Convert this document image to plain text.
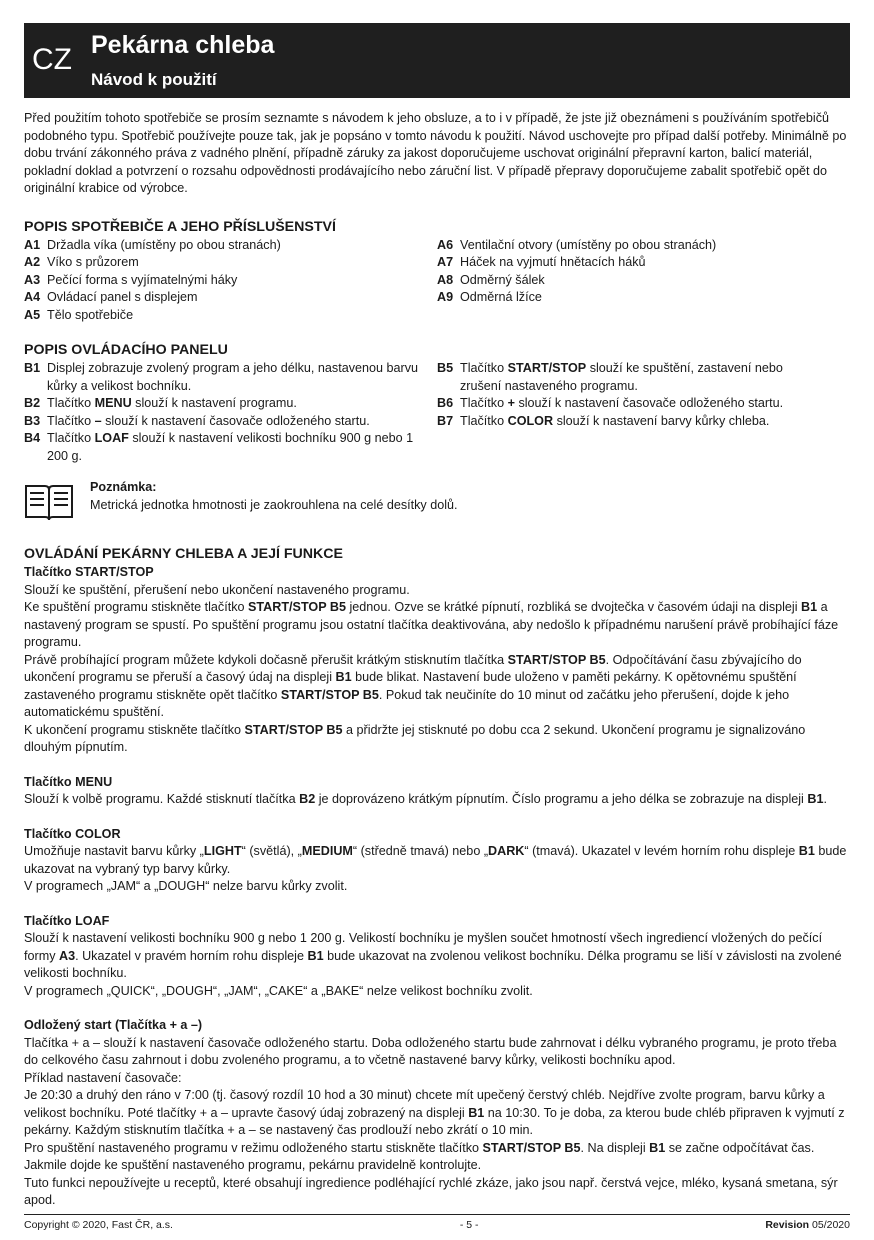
CZ Pekárna chleba
Návod k použití

Před použitím tohoto spotřebiče se prosím seznamte s návodem k jeho obsluze, a to i v případě, že jste již obeznámeni s používáním spotřebičů podobného typu. Spotřebič používejte pouze tak, jak je popsáno v tomto návodu k použití. Návod uschovejte pro případ další potřeby. Minimálně po dobu trvání zákonného práva z vadného plnění, případně záruky za jakost doporučujeme uschovat originální přepravní karton, balicí materiál, pokladní doklad a potvrzení o rozsahu odpovědnosti prodávajícího nebo záruční list. V případě přepravy doporučujeme zabalit spotřebič opět do originální krabice od výrobce.

POPIS SPOTŘEBIČE A JEHO PŘÍSLUŠENSTVÍ
A1 Držadla víka (umístěny po obou stranách)
A2 Víko s průzorem
A3 Pečící forma s vyjímatelnými háky
A4 Ovládací panel s displejem
A5 Tělo spotřebiče
A6 Ventilační otvory (umístěny po obou stranách)
A7 Háček na vyjmutí hnětacích háků
A8 Odměrný šálek
A9 Odměrná lžíce
POPIS OVLÁDACÍHO PANELU
B1 Displej zobrazuje zvolený program a jeho délku, nastavenou barvu kůrky a velikost bochníku.
B2 Tlačítko MENU slouží k nastavení programu.
B3 Tlačítko – slouží k nastavení časovače odloženého startu.
B4 Tlačítko LOAF slouží k nastavení velikosti bochníku 900 g nebo 1 200 g.
B5 Tlačítko START/STOP slouží ke spuštění, zastavení nebo zrušení nastaveného programu.
B6 Tlačítko + slouží k nastavení časovače odloženého startu.
B7 Tlačítko COLOR slouží k nastavení barvy kůrky chleba.
Poznámka:
Metrická jednotka hmotnosti je zaokrouhlena na celé desítky dolů.
OVLÁDÁNÍ PEKÁRNY CHLEBA A JEJÍ FUNKCE
Tlačítko START/STOP

Slouží ke spuštění, přerušení nebo ukončení nastaveného programu.

Ke spuštění programu stiskněte tlačítko START/STOP B5 jednou. Ozve se krátké pípnutí, rozbliká se dvojtečka v časovém údaji na displeji B1 a nastavený program se spustí. Po spuštění programu jsou ostatní tlačítka deaktivována, aby nedošlo k případnému narušení právě probíhající fáze programu.

Právě probíhající program můžete kdykoli dočasně přerušit krátkým stisknutím tlačítka START/STOP B5. Odpočítávání času zbývajícího do ukončení programu se přeruší a časový údaj na displeji B1 bude blikat. Nastavení bude uloženo v paměti pekárny. K opětovnému spuštění zastaveného programu stiskněte opět tlačítko START/STOP B5. Pokud tak neučiníte do 10 minut od začátku jeho přerušení, dojde k jeho automatickému spuštění.

K ukončení programu stiskněte tlačítko START/STOP B5 a přidržte jej stisknuté po dobu cca 2 sekund. Ukončení programu je signalizováno dlouhým pípnutím.

Tlačítko MENU

Slouží k volbě programu. Každé stisknutí tlačítka B2 je doprovázeno krátkým pípnutím. Číslo programu a jeho délka se zobrazuje na displeji B1.

Tlačítko COLOR

Umožňuje nastavit barvu kůrky „LIGHT“ (světlá), „MEDIUM“ (středně tmavá) nebo „DARK“ (tmavá). Ukazatel v levém horním rohu displeje B1 bude ukazovat na vybraný typ barvy kůrky.

V programech „JAM“ a „DOUGH“ nelze barvu kůrky zvolit.

Tlačítko LOAF

Slouží k nastavení velikosti bochníku 900 g nebo 1 200 g. Velikostí bochníku je myšlen součet hmotností všech ingrediencí vložených do pečící formy A3. Ukazatel v pravém horním rohu displeje B1 bude ukazovat na zvolenou velikost bochníku. Délka programu se liší v závislosti na zvolené velikosti bochníku.

V programech „QUICK“, „DOUGH“, „JAM“, „CAKE“ a „BAKE“ nelze velikost bochníku zvolit.

Odložený start (Tlačítka + a –)

Tlačítka + a – slouží k nastavení časovače odloženého startu. Doba odloženého startu bude zahrnovat i délku vybraného programu, je proto třeba do celkového času zahrnout i dobu zvoleného programu, a to včetně nastavené barvy kůrky, velikosti bochníku apod.

Příklad nastavení časovače:

Je 20:30 a druhý den ráno v 7:00 (tj. časový rozdíl 10 hod a 30 minut) chcete mít upečený čerstvý chléb. Nejdříve zvolte program, barvu kůrky a velikost bochníku. Poté tlačítky + a – upravte časový údaj zobrazený na displeji B1 na 10:30. To je doba, za kterou bude chléb připraven k vyjmutí z pekárny. Každým stisknutím tlačítka + a – se nastavený čas prodlouží nebo zkrátí o 10 min.

Pro spuštění nastaveného programu v režimu odloženého startu stiskněte tlačítko START/STOP B5. Na displeji B1 se začne odpočítávat čas. Jakmile dojde ke spuštění nastaveného programu, pekárnu pravidelně kontrolujte.

Tuto funkci nepoužívejte u receptů, které obsahují ingredience podléhající rychlé zkáze, jako jsou např. čerstvá vejce, mléko, kysaná smetana, sýr apod.

Copyright © 2020, Fast ČR, a.s.	- 5 -	Revision 05/2020
